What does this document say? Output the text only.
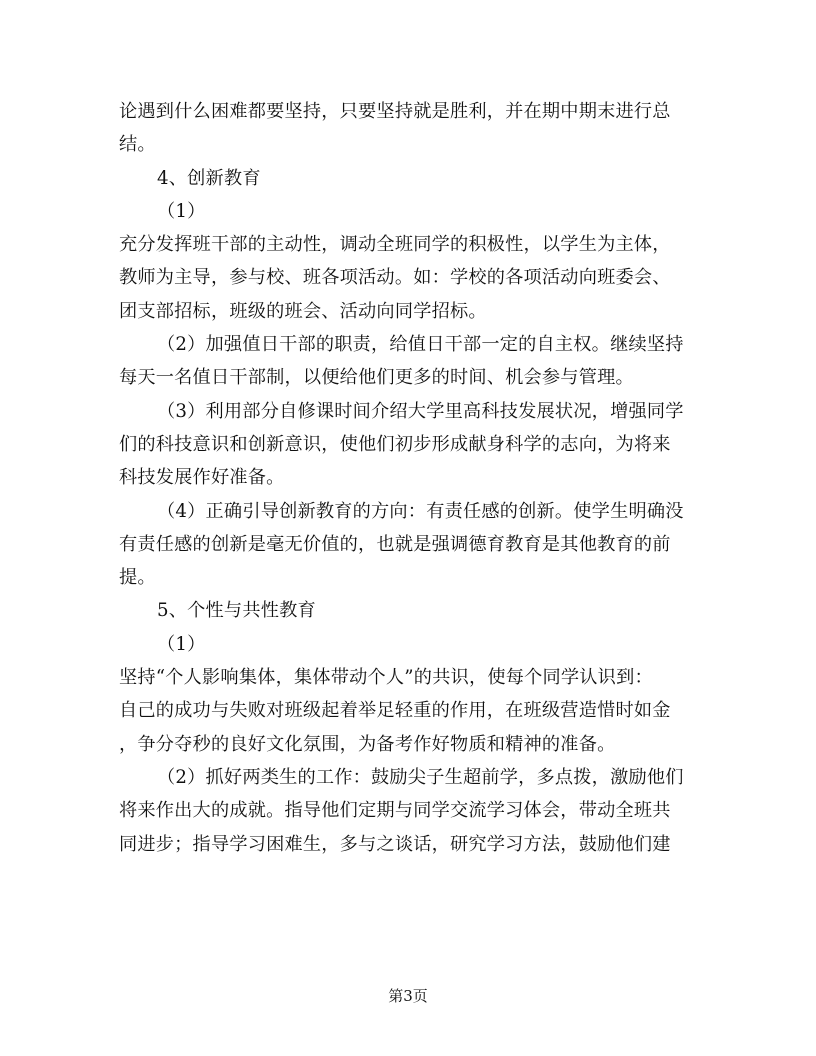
论遇到什么困难都要坚持，只要坚持就是胜利，并在期中期末进行总
结。
4、创新教育
（1）
充分发挥班干部的主动性，调动全班同学的积极性，以学生为主体，
教师为主导，参与校、班各项活动。如：学校的各项活动向班委会、
团支部招标，班级的班会、活动向同学招标。
（2）加强值日干部的职责，给值日干部一定的自主权。继续坚持
每天一名值日干部制，以便给他们更多的时间、机会参与管理。
（3）利用部分自修课时间介绍大学里高科技发展状况，增强同学
们的科技意识和创新意识，使他们初步形成献身科学的志向，为将来
科技发展作好准备。
（4）正确引导创新教育的方向：有责任感的创新。使学生明确没
有责任感的创新是毫无价值的，也就是强调德育教育是其他教育的前
提。
5、个性与共性教育
（1）
坚持“个人影响集体，集体带动个人”的共识，使每个同学认识到：
自己的成功与失败对班级起着举足轻重的作用，在班级营造惜时如金
，争分夺秒的良好文化氛围，为备考作好物质和精神的准备。
（2）抓好两类生的工作：鼓励尖子生超前学，多点拨，激励他们
将来作出大的成就。指导他们定期与同学交流学习体会，带动全班共
同进步；指导学习困难生，多与之谈话，研究学习方法，鼓励他们建
第3页
